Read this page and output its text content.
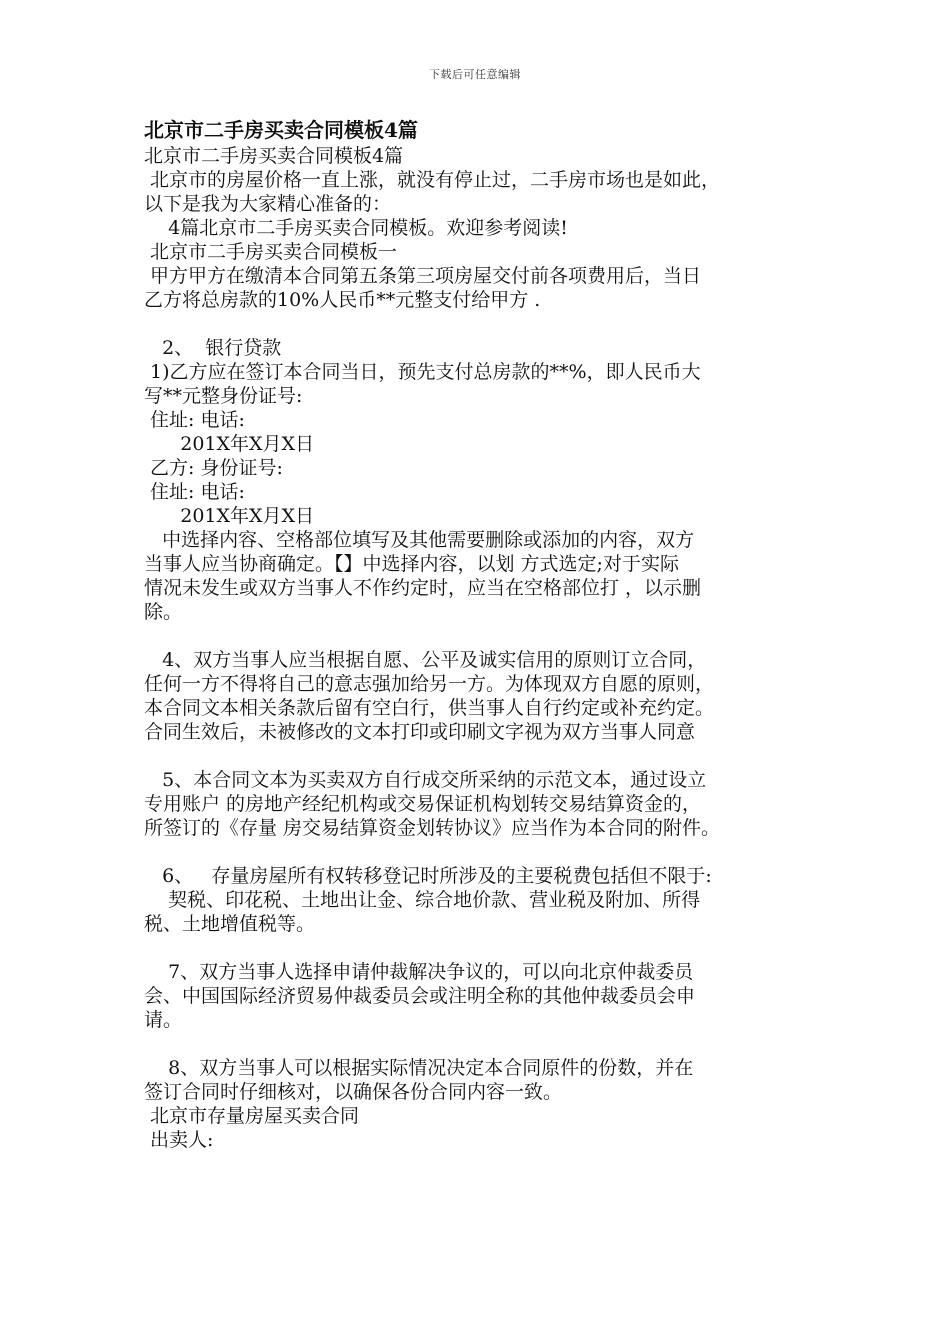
下载后可任意编辑
北京市二手房买卖合同模板4篇

北京市二手房买卖合同模板4篇

北京市的房屋价格一直上涨，就没有停止过，二手房市场也是如此，

以下是我为大家精心准备的：

4篇北京市二手房买卖合同模板。欢迎参考阅读!

北京市二手房买卖合同模板一

甲方甲方在缴清本合同第五条第三项房屋交付前各项费用后，当日

乙方将总房款的10%人民币**元整支付给甲方 .

2、  银行贷款

1)乙方应在签订本合同当日，预先支付总房款的**%，即人民币大

写**元整身份证号:

住址: 电话:

201X年X月X日

乙方: 身份证号:

住址: 电话:

201X年X月X日

中选择内容、空格部位填写及其他需要删除或添加的内容，双方

当事人应当协商确定。【】中选择内容，以划 方式选定;对于实际

情况未发生或双方当事人不作约定时，应当在空格部位打 ，以示删

除。

4、双方当事人应当根据自愿、公平及诚实信用的原则订立合同，

任何一方不得将自己的意志强加给另一方。为体现双方自愿的原则，

本合同文本相关条款后留有空白行，供当事人自行约定或补充约定。

合同生效后，未被修改的文本打印或印刷文字视为双方当事人同意

5、本合同文本为买卖双方自行成交所采纳的示范文本，通过设立

专用账户 的房地产经纪机构或交易保证机构划转交易结算资金的，

所签订的《存量 房交易结算资金划转协议》应当作为本合同的附件。

6、   存量房屋所有权转移登记时所涉及的主要税费包括但不限于:

契税、印花税、土地出让金、综合地价款、营业税及附加、所得

税、土地增值税等。

7、双方当事人选择申请仲裁解决争议的，可以向北京仲裁委员

会、中国国际经济贸易仲裁委员会或注明全称的其他仲裁委员会申

请。

8、双方当事人可以根据实际情况决定本合同原件的份数，并在

签订合同时仔细核对，以确保各份合同内容一致。

北京市存量房屋买卖合同

出卖人:
